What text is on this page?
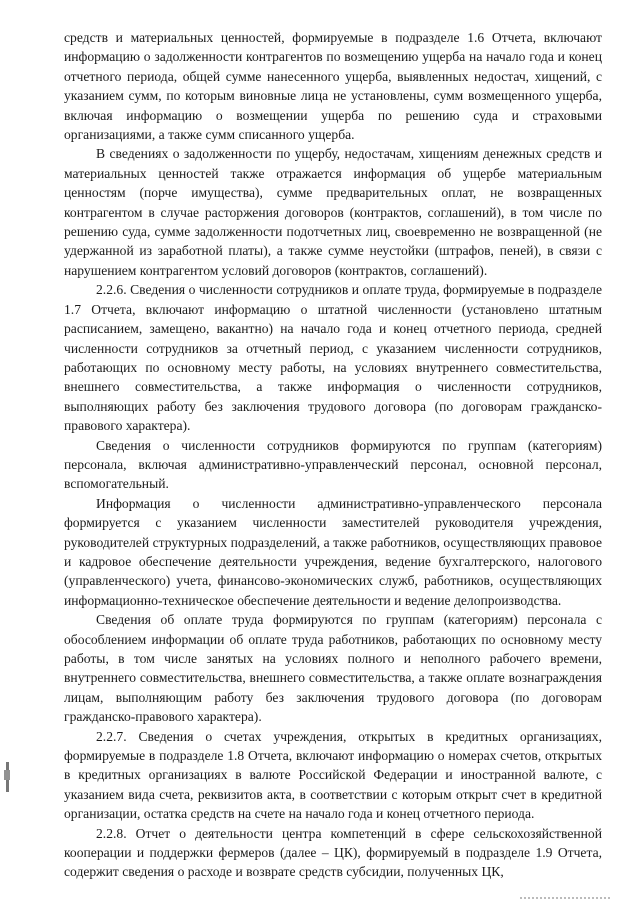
средств и материальных ценностей, формируемые в подразделе 1.6 Отчета, включают информацию о задолженности контрагентов по возмещению ущерба на начало года и конец отчетного периода, общей сумме нанесенного ущерба, выявленных недостач, хищений, с указанием сумм, по которым виновные лица не установлены, сумм возмещенного ущерба, включая информацию о возмещении ущерба по решению суда и страховыми организациями, а также сумм списанного ущерба.

В сведениях о задолженности по ущербу, недостачам, хищениям денежных средств и материальных ценностей также отражается информация об ущербе материальным ценностям (порче имущества), сумме предварительных оплат, не возвращенных контрагентом в случае расторжения договоров (контрактов, соглашений), в том числе по решению суда, сумме задолженности подотчетных лиц, своевременно не возвращенной (не удержанной из заработной платы), а также сумме неустойки (штрафов, пеней), в связи с нарушением контрагентом условий договоров (контрактов, соглашений).

2.2.6. Сведения о численности сотрудников и оплате труда, формируемые в подразделе 1.7 Отчета, включают информацию о штатной численности (установлено штатным расписанием, замещено, вакантно) на начало года и конец отчетного периода, средней численности сотрудников за отчетный период, с указанием численности сотрудников, работающих по основному месту работы, на условиях внутреннего совместительства, внешнего совместительства, а также информация о численности сотрудников, выполняющих работу без заключения трудового договора (по договорам гражданско-правового характера).

Сведения о численности сотрудников формируются по группам (категориям) персонала, включая административно-управленческий персонал, основной персонал, вспомогательный.

Информация о численности административно-управленческого персонала формируется с указанием численности заместителей руководителя учреждения, руководителей структурных подразделений, а также работников, осуществляющих правовое и кадровое обеспечение деятельности учреждения, ведение бухгалтерского, налогового (управленческого) учета, финансово-экономических служб, работников, осуществляющих информационно-техническое обеспечение деятельности и ведение делопроизводства.

Сведения об оплате труда формируются по группам (категориям) персонала с обособлением информации об оплате труда работников, работающих по основному месту работы, в том числе занятых на условиях полного и неполного рабочего времени, внутреннего совместительства, внешнего совместительства, а также оплате вознаграждения лицам, выполняющим работу без заключения трудового договора (по договорам гражданско-правового характера).

2.2.7. Сведения о счетах учреждения, открытых в кредитных организациях, формируемые в подразделе 1.8 Отчета, включают информацию о номерах счетов, открытых в кредитных организациях в валюте Российской Федерации и иностранной валюте, с указанием вида счета, реквизитов акта, в соответствии с которым открыт счет в кредитной организации, остатка средств на счете на начало года и конец отчетного периода.

2.2.8. Отчет о деятельности центра компетенций в сфере сельскохозяйственной кооперации и поддержки фермеров (далее – ЦК), формируемый в подразделе 1.9 Отчета, содержит сведения о расходе и возврате средств субсидии, полученных ЦК,
